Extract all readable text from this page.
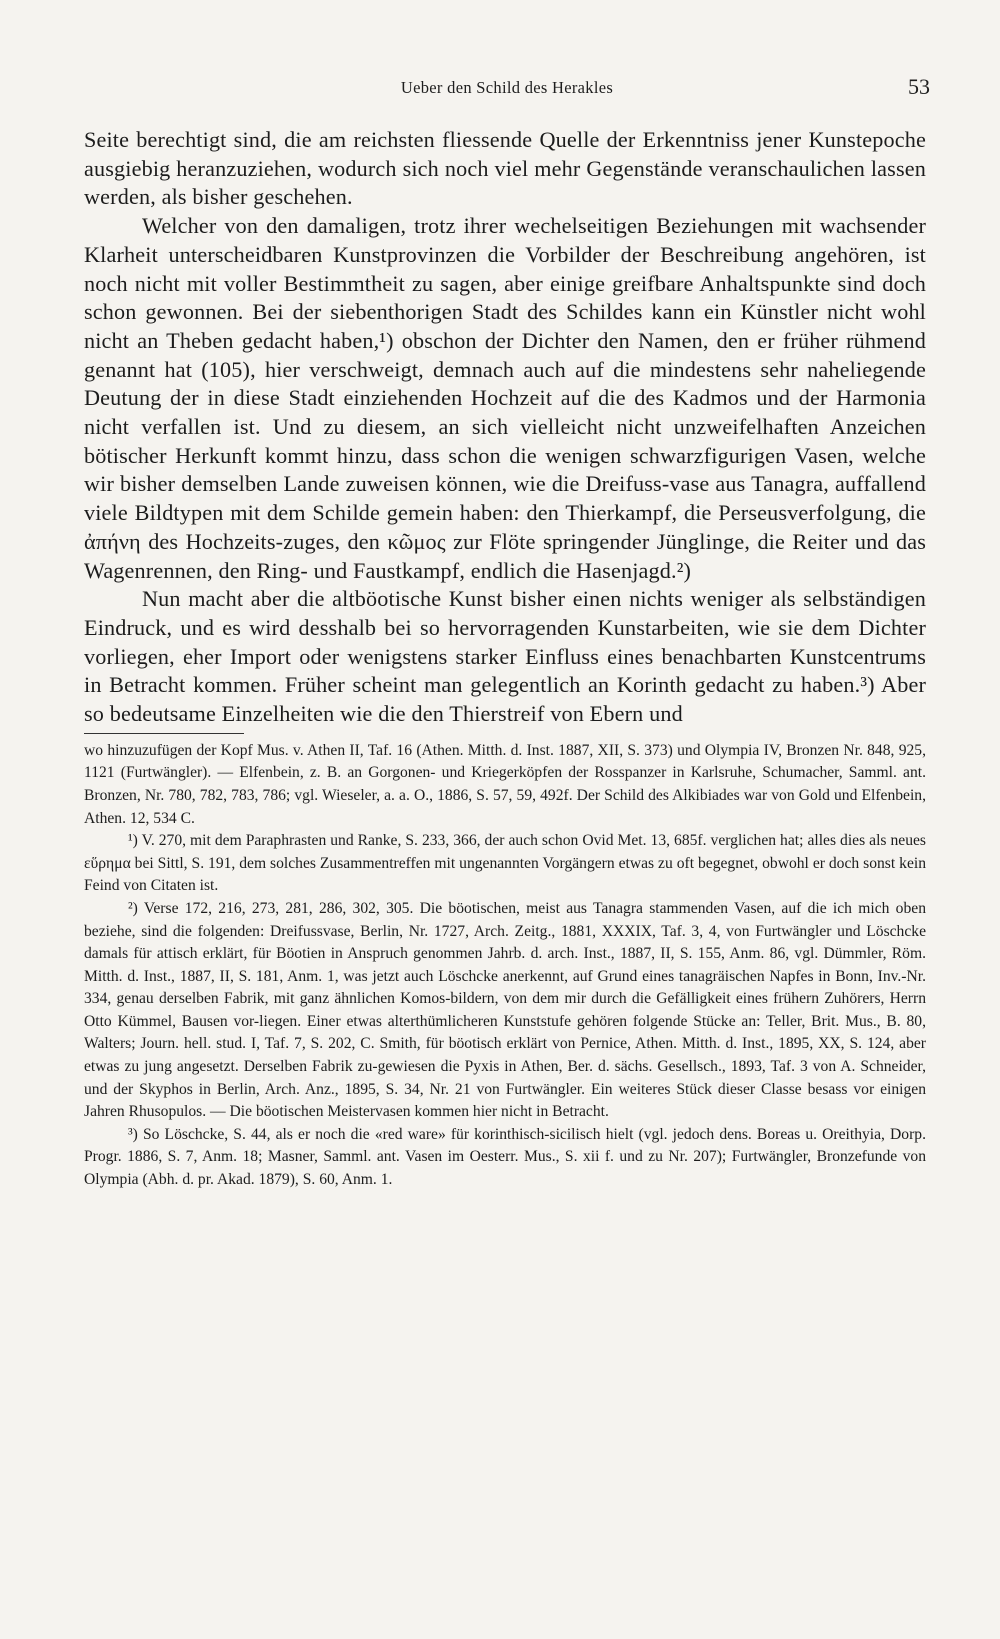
Ueber den Schild des Herakles	53

Seite berechtigt sind, die am reichsten fliessende Quelle der Erkenntniss jener Kunstepoche ausgiebig heranzuziehen, wodurch sich noch viel mehr Gegenstände veranschaulichen lassen werden, als bisher geschehen.

Welcher von den damaligen, trotz ihrer wechelseitigen Beziehungen mit wachsender Klarheit unterscheidbaren Kunstprovinzen die Vorbilder der Beschreibung angehören, ist noch nicht mit voller Bestimmtheit zu sagen, aber einige greifbare Anhaltspunkte sind doch schon gewonnen. Bei der siebenthorigen Stadt des Schildes kann ein Künstler nicht wohl nicht an Theben gedacht haben,¹) obschon der Dichter den Namen, den er früher rühmend genannt hat (105), hier verschweigt, demnach auch auf die mindestens sehr naheliegende Deutung der in diese Stadt einziehenden Hochzeit auf die des Kadmos und der Harmonia nicht verfallen ist. Und zu diesem, an sich vielleicht nicht unzweifelhaften Anzeichen bötischer Herkunft kommt hinzu, dass schon die wenigen schwarzfigurigen Vasen, welche wir bisher demselben Lande zuweisen können, wie die Dreifuss-vase aus Tanagra, auffallend viele Bildtypen mit dem Schilde gemein haben: den Thierkampf, die Perseusverfolgung, die ἀπήνη des Hochzeits-zuges, den κῶμος zur Flöte springender Jünglinge, die Reiter und das Wagenrennen, den Ring- und Faustkampf, endlich die Hasenjagd.²)

Nun macht aber die altböotische Kunst bisher einen nichts weniger als selbständigen Eindruck, und es wird desshalb bei so hervorragenden Kunstarbeiten, wie sie dem Dichter vorliegen, eher Import oder wenigstens starker Einfluss eines benachbarten Kunstcentrums in Betracht kommen. Früher scheint man gelegentlich an Korinth gedacht zu haben.³) Aber so bedeutsame Einzelheiten wie die den Thierstreif von Ebern und

wo hinzuzufügen der Kopf Mus. v. Athen II, Taf. 16 (Athen. Mitth. d. Inst. 1887, XII, S. 373) und Olympia IV, Bronzen Nr. 848, 925, 1121 (Furtwängler). — Elfenbein, z. B. an Gorgonen- und Kriegerköpfen der Rosspanzer in Karlsruhe, Schumacher, Samml. ant. Bronzen, Nr. 780, 782, 783, 786; vgl. Wieseler, a. a. O., 1886, S. 57, 59, 492f. Der Schild des Alkibiades war von Gold und Elfenbein, Athen. 12, 534 C.

¹) V. 270, mit dem Paraphrasten und Ranke, S. 233, 366, der auch schon Ovid Met. 13, 685f. verglichen hat; alles dies als neues εὕρημα bei Sittl, S. 191, dem solches Zusammentreffen mit ungenannten Vorgängern etwas zu oft begegnet, obwohl er doch sonst kein Feind von Citaten ist.

²) Verse 172, 216, 273, 281, 286, 302, 305. Die böotischen, meist aus Tanagra stammenden Vasen, auf die ich mich oben beziehe, sind die folgenden: Dreifussvase, Berlin, Nr. 1727, Arch. Zeitg., 1881, XXXIX, Taf. 3, 4, von Furtwängler und Löschcke damals für attisch erklärt, für Böotien in Anspruch genommen Jahrb. d. arch. Inst., 1887, II, S. 155, Anm. 86, vgl. Dümmler, Röm. Mitth. d. Inst., 1887, II, S. 181, Anm. 1, was jetzt auch Löschcke anerkennt, auf Grund eines tanagräischen Napfes in Bonn, Inv.-Nr. 334, genau derselben Fabrik, mit ganz ähnlichen Komos-bildern, von dem mir durch die Gefälligkeit eines frühern Zuhörers, Herrn Otto Kümmel, Bausen vor-liegen. Einer etwas alterthümlicheren Kunststufe gehören folgende Stücke an: Teller, Brit. Mus., B. 80, Walters; Journ. hell. stud. I, Taf. 7, S. 202, C. Smith, für böotisch erklärt von Pernice, Athen. Mitth. d. Inst., 1895, XX, S. 124, aber etwas zu jung angesetzt. Derselben Fabrik zu-gewiesen die Pyxis in Athen, Ber. d. sächs. Gesellsch., 1893, Taf. 3 von A. Schneider, und der Skyphos in Berlin, Arch. Anz., 1895, S. 34, Nr. 21 von Furtwängler. Ein weiteres Stück dieser Classe besass vor einigen Jahren Rhusopulos. — Die böotischen Meistervasen kommen hier nicht in Betracht.

³) So Löschcke, S. 44, als er noch die «red ware» für korinthisch-sicilisch hielt (vgl. jedoch dens. Boreas u. Oreithyia, Dorp. Progr. 1886, S. 7, Anm. 18; Masner, Samml. ant. Vasen im Oesterr. Mus., S. xii f. und zu Nr. 207); Furtwängler, Bronzefunde von Olympia (Abh. d. pr. Akad. 1879), S. 60, Anm. 1.
